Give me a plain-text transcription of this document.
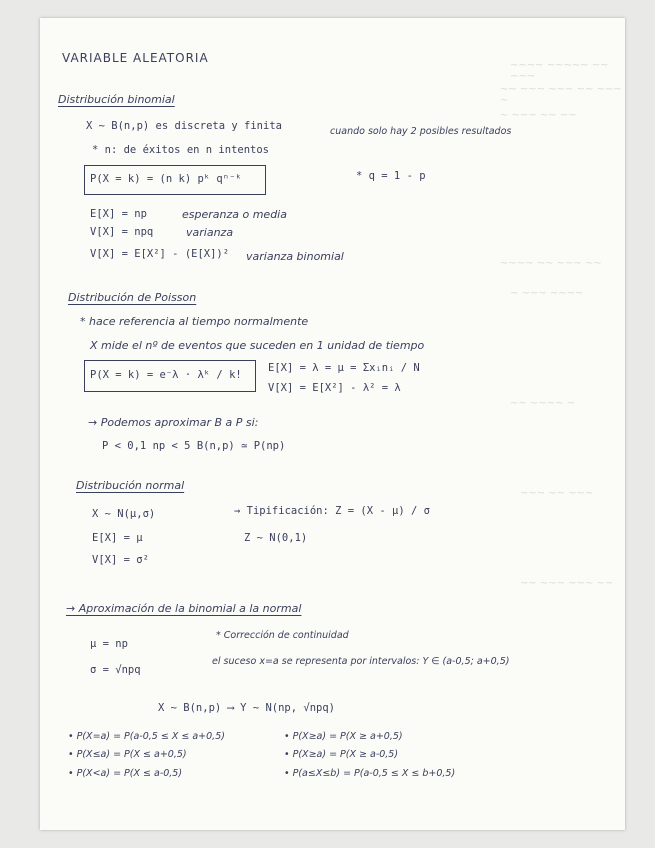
~~~~ ~~~~~ ~~ ~~~
~~ ~~~ ~~~ ~~ ~~~ ~
~ ~~~ ~~ ~~
~~~~ ~~ ~~~ ~~
~ ~~~ ~~~~
~~ ~~~~ ~
~~~ ~~ ~~~
~~ ~~~ ~~~ ~~
VARIABLE ALEATORIA
Distribución binomial
X ~ B(n,p) es discreta y finita	cuando solo hay 2 posibles resultados
* n: de éxitos en n intentos
P(X = k) = (n k) pᵏ qⁿ⁻ᵏ	* q = 1 - p
E[X] = np	esperanza o media
V[X] = npq	varianza
V[X] = E[X²] - (E[X])² varianza binomial
Distribución de Poisson
* hace referencia al tiempo normalmente
X mide el nº de eventos que suceden en 1 unidad de tiempo
P(X = k) = e⁻λ · λᵏ / k!
E[X] = λ = μ = Σxᵢnᵢ / N
V[X] = E[X²] - λ² = λ
→ Podemos aproximar B a P si:
P < 0,1 np < 5 B(n,p) ≃ P(np)
Distribución normal
X ~ N(μ,σ)	→ Tipificación: Z = (X - μ) / σ
E[X] = μ	Z ~ N(0,1)
V[X] = σ²
→ Aproximación de la binomial a la normal
μ = np
* Corrección de continuidad
σ = √npq
el suceso x=a se representa por intervalos: Y ∈ (a-0,5; a+0,5)
X ~ B(n,p) ⟶ Y ~ N(np, √npq)
• P(X=a) = P(a-0,5 ≤ X ≤ a+0,5)
• P(X≤a) = P(X ≤ a+0,5)
• P(X<a) = P(X ≤ a-0,5)
• P(X≥a) = P(X ≥ a+0,5)
• P(X≥a) = P(X ≥ a-0,5)
• P(a≤X≤b) = P(a-0,5 ≤ X ≤ b+0,5)
